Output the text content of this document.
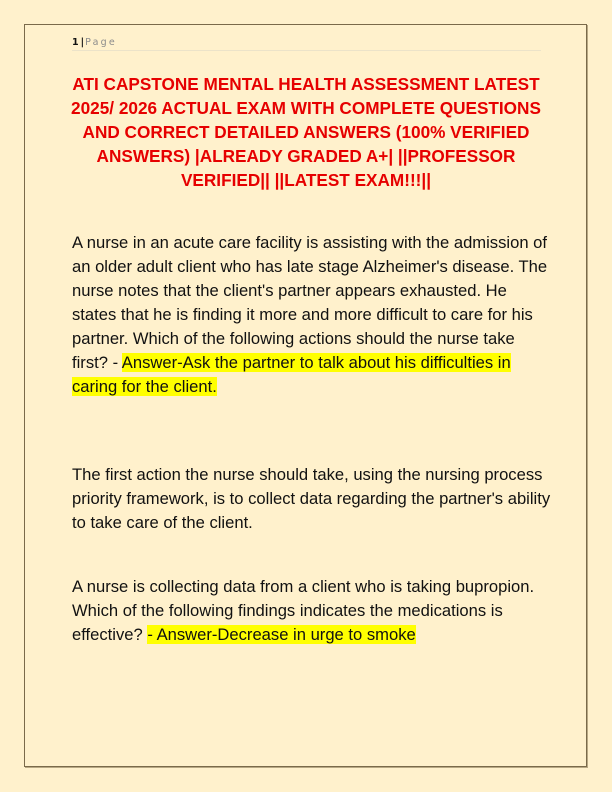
1 |Page
ATI CAPSTONE MENTAL HEALTH ASSESSMENT LATEST 2025/ 2026 ACTUAL EXAM WITH COMPLETE QUESTIONS AND CORRECT DETAILED ANSWERS (100% VERIFIED ANSWERS) |ALREADY GRADED A+| ||PROFESSOR VERIFIED|| ||LATEST EXAM!!!||

A nurse in an acute care facility is assisting with the admission of an older adult client who has late stage Alzheimer's disease. The nurse notes that the client's partner appears exhausted. He states that he is finding it more and more difficult to care for his partner. Which of the following actions should the nurse take first? - Answer-Ask the partner to talk about his difficulties in caring for the client.

The first action the nurse should take, using the nursing process priority framework, is to collect data regarding the partner's ability to take care of the client.

A nurse is collecting data from a client who is taking bupropion. Which of the following findings indicates the medications is effective? - Answer-Decrease in urge to smoke
